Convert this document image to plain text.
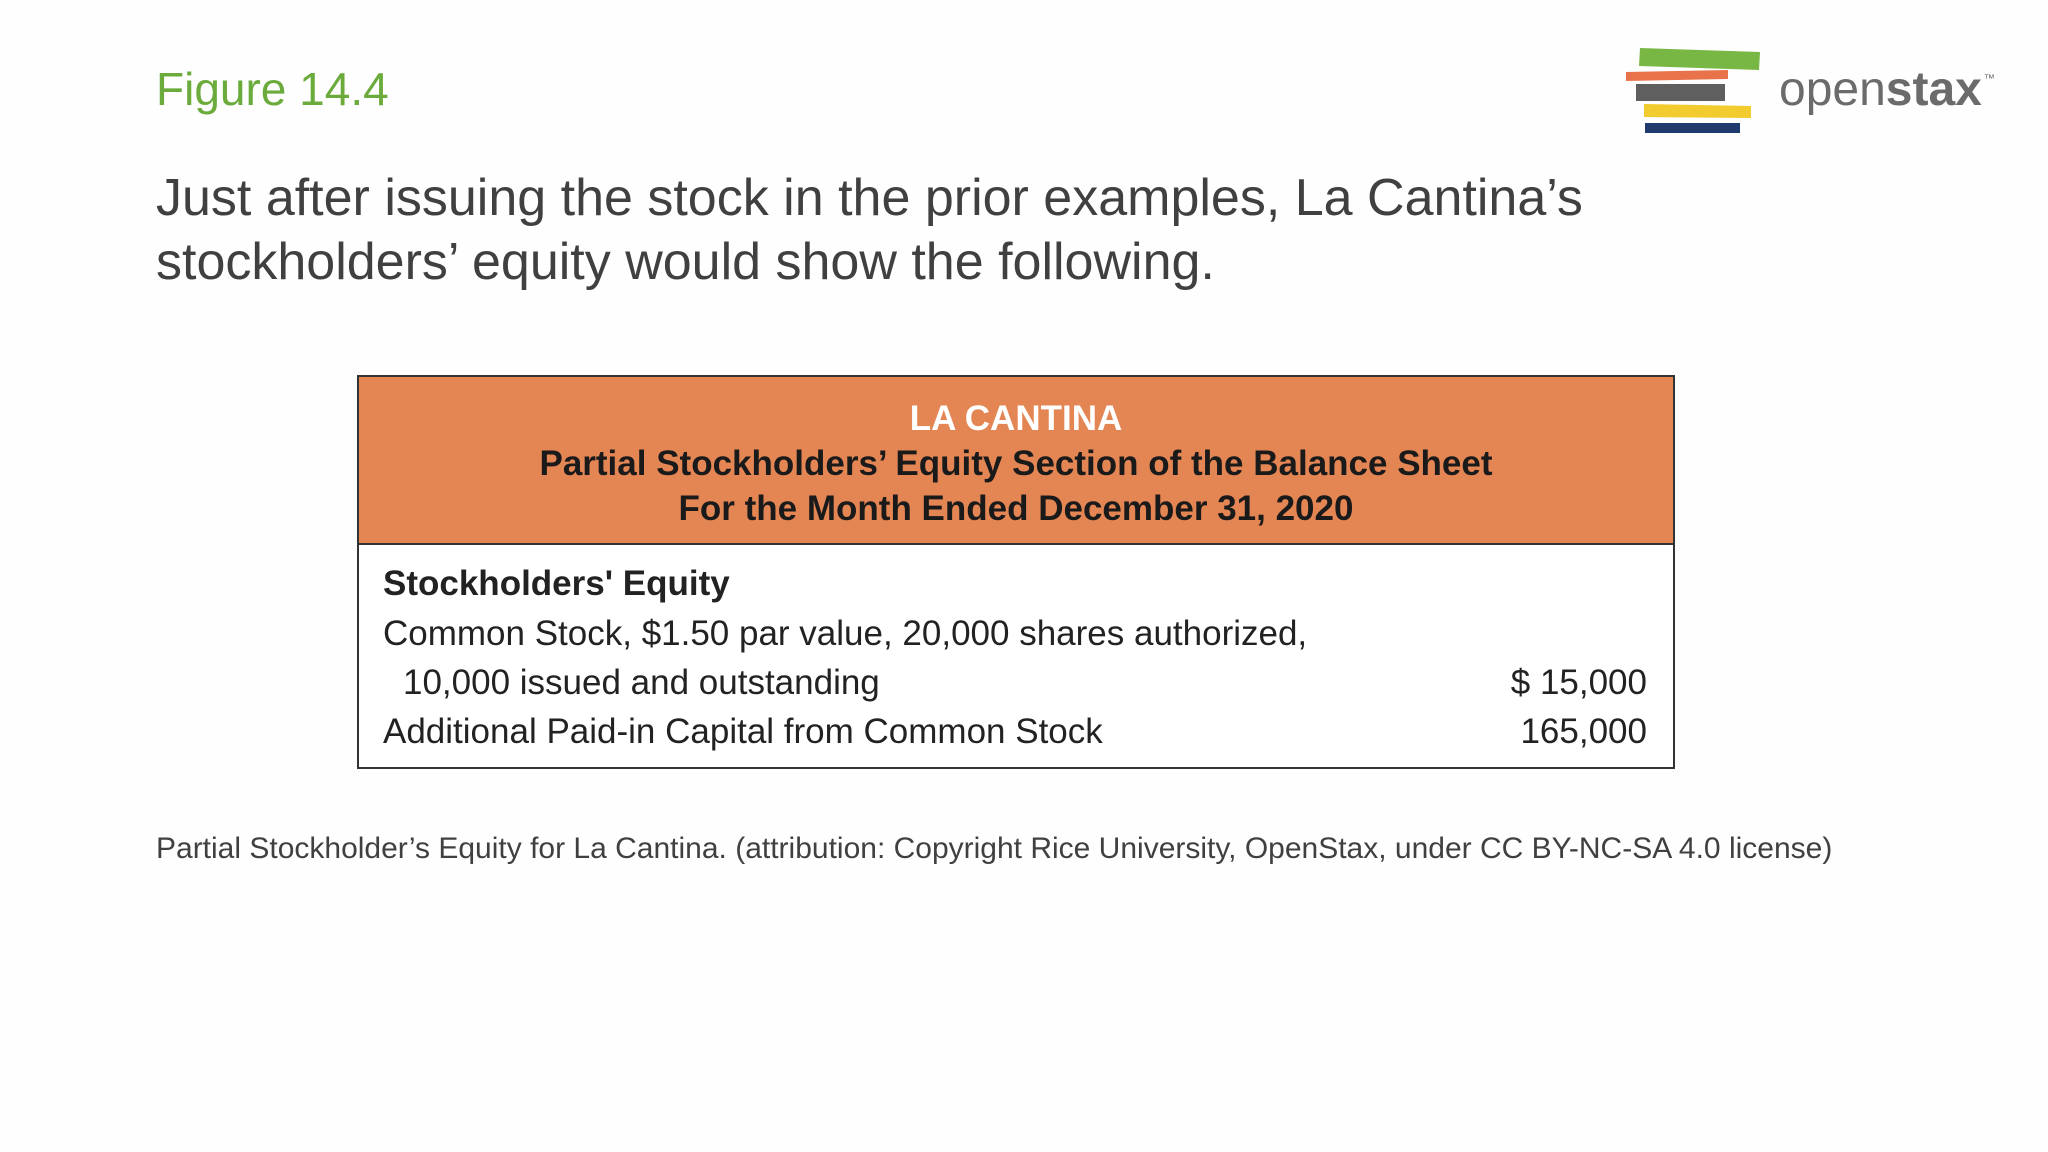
Figure 14.4	openstax ™
Just after issuing the stock in the prior examples, La Cantina’s stockholders’ equity would show the following.
LA CANTINA
Partial Stockholders’ Equity Section of the Balance Sheet
For the Month Ended December 31, 2020
Stockholders' Equity
Common Stock, $1.50 par value, 20,000 shares authorized,
10,000 issued and outstanding	$ 15,000
Additional Paid-in Capital from Common Stock	165,000
Partial Stockholder’s Equity for La Cantina. (attribution: Copyright Rice University, OpenStax, under CC BY-NC-SA 4.0 license)
